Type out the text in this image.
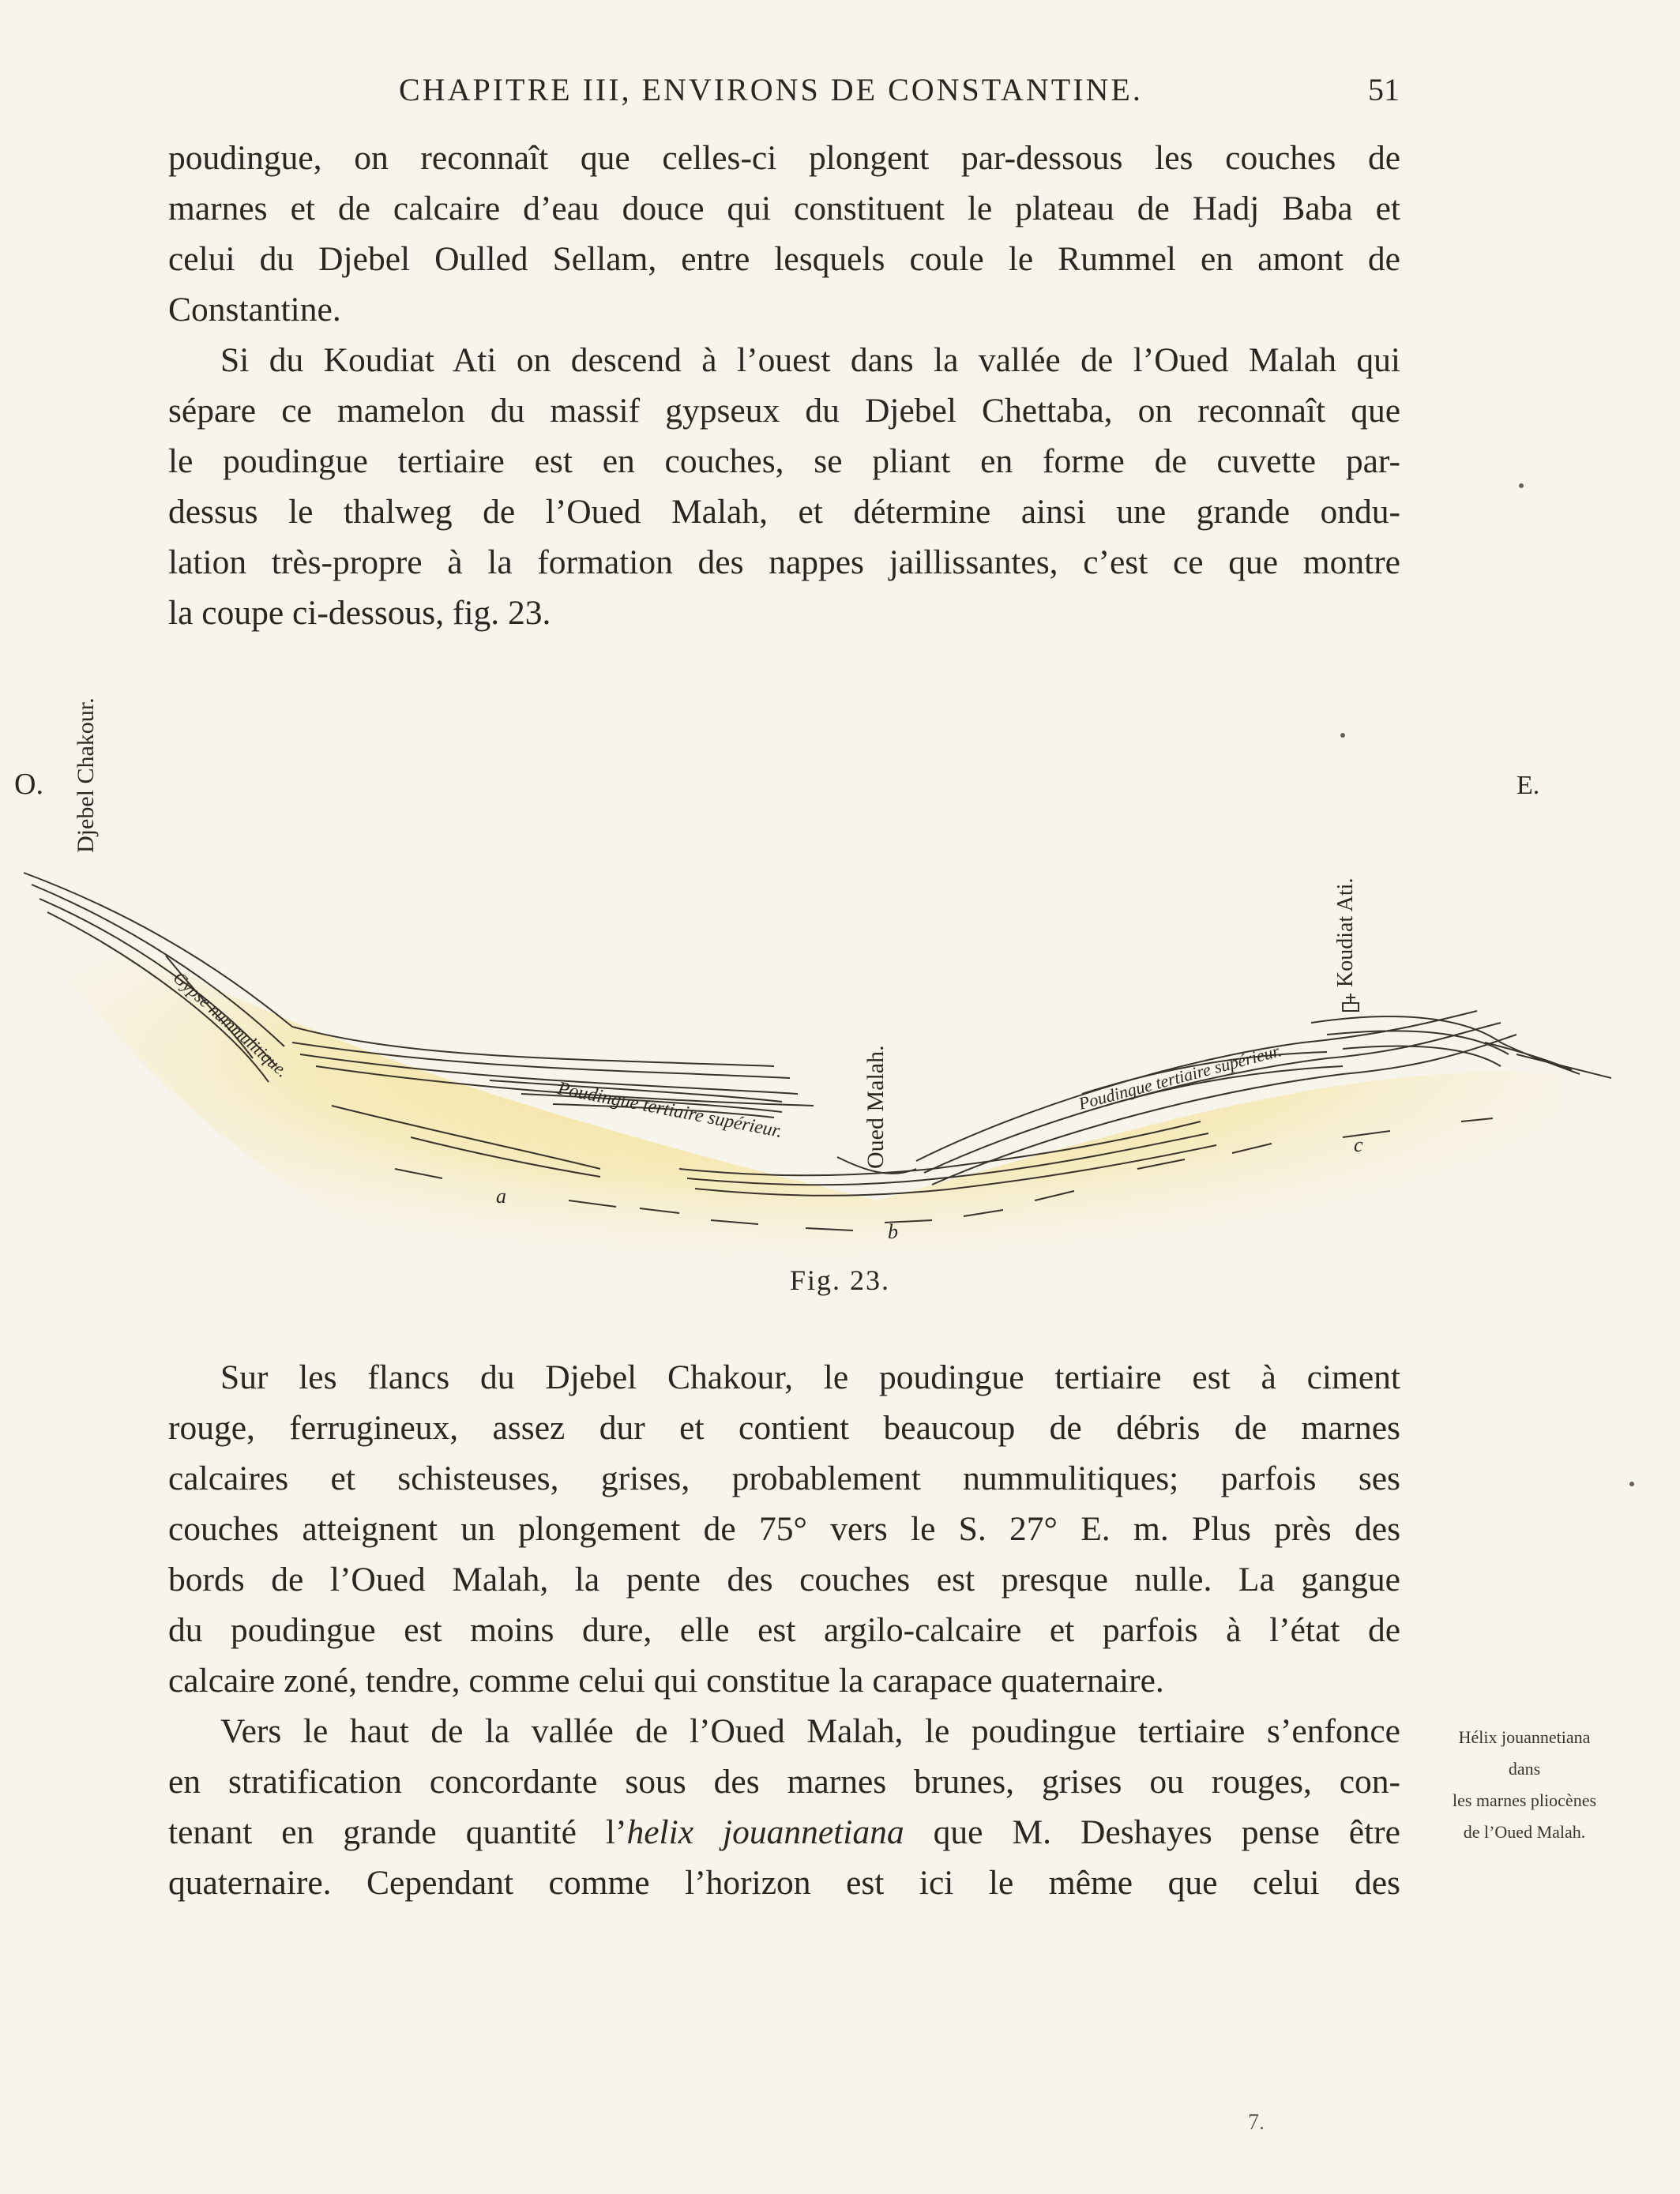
CHAPITRE III, ENVIRONS DE CONSTANTINE.	51

poudingue, on reconnaît que celles-ci plongent par-dessous les couches de
marnes et de calcaire d’eau douce qui constituent le plateau de Hadj Baba et
celui du Djebel Oulled Sellam, entre lesquels coule le Rummel en amont de
Constantine.

Si du Koudiat Ati on descend à l’ouest dans la vallée de l’Oued Malah qui
sépare ce mamelon du massif gypseux du Djebel Chettaba, on reconnaît que
le poudingue tertiaire est en couches, se pliant en forme de cuvette par-
dessus le thalweg de l’Oued Malah, et détermine ainsi une grande ondu-
lation très-propre à la formation des nappes jaillissantes, c’est ce que montre
la coupe ci-dessous, fig. 23.

O.	E.
Djebel Chakour.
Koudiat Ati.
Oued Malah.
Gypse nummulitique.
Poudingue tertiaire supérieur.	Poudingue tertiaire supérieur.
a
b
c
Fig. 23.

Sur les flancs du Djebel Chakour, le poudingue tertiaire est à ciment
rouge, ferrugineux, assez dur et contient beaucoup de débris de marnes
calcaires et schisteuses, grises, probablement nummulitiques; parfois ses
couches atteignent un plongement de 75° vers le S. 27° E. m. Plus près des
bords de l’Oued Malah, la pente des couches est presque nulle. La gangue
du poudingue est moins dure, elle est argilo-calcaire et parfois à l’état de
calcaire zoné, tendre, comme celui qui constitue la carapace quaternaire.

Vers le haut de la vallée de l’Oued Malah, le poudingue tertiaire s’enfonce
en stratification concordante sous des marnes brunes, grises ou rouges, con-
tenant en grande quantité l’helix jouannetiana que M. Deshayes pense être
quaternaire. Cependant comme l’horizon est ici le même que celui des

Hélix jouannetiana
dans
les marnes pliocènes
de l’Oued Malah.
7.
